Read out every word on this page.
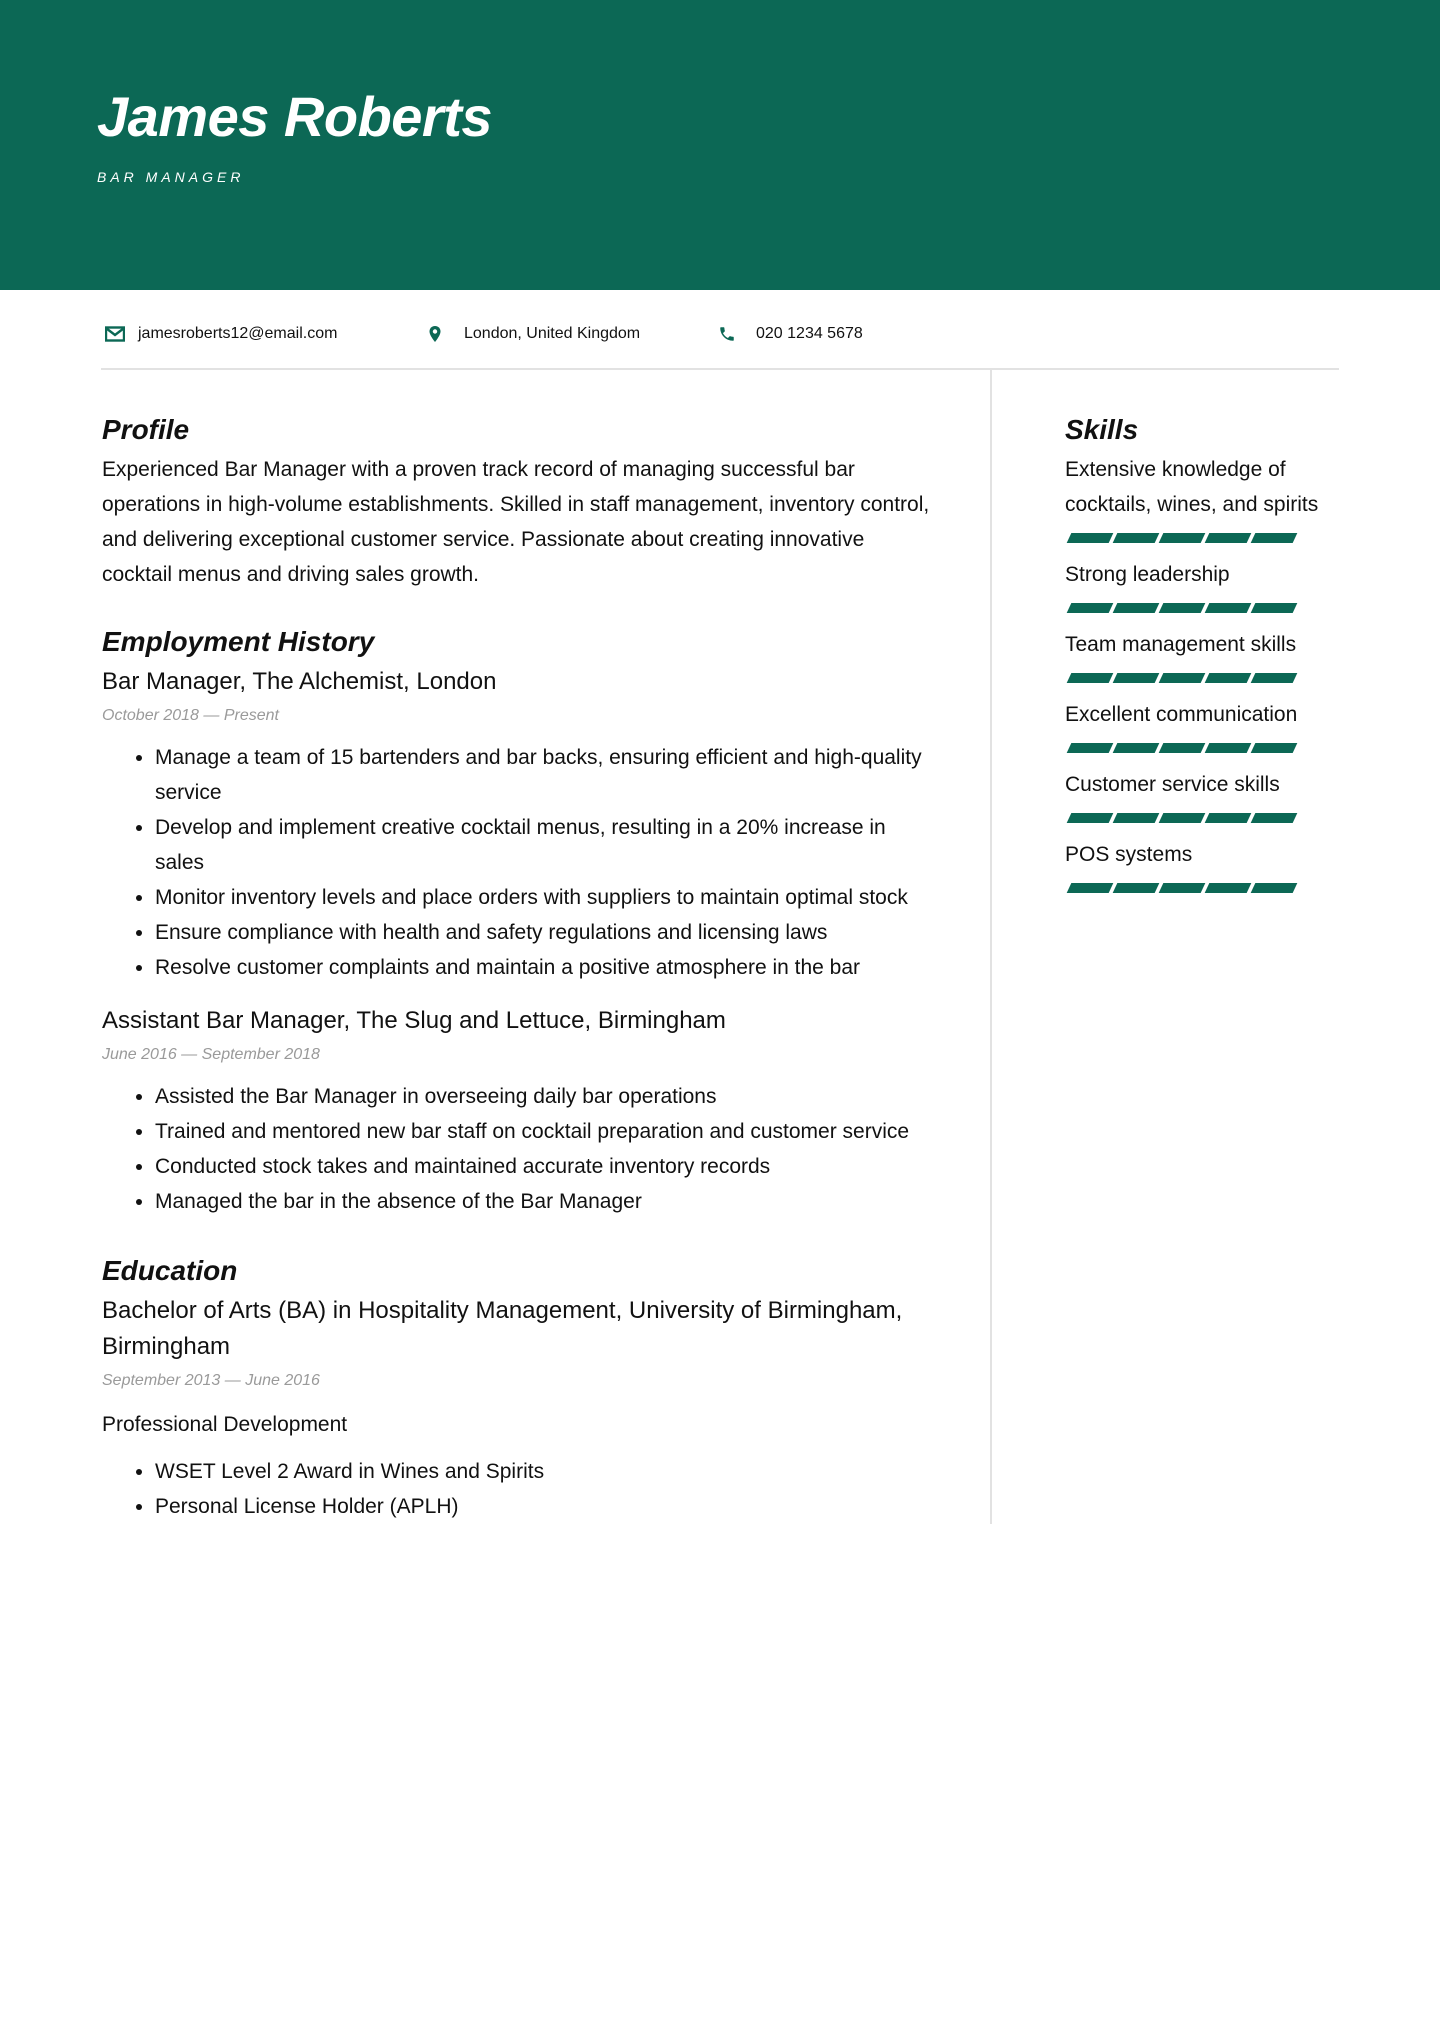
James Roberts
BAR MANAGER
jamesroberts12@email.com	London, United Kingdom	020 1234 5678
Profile

Experienced Bar Manager with a proven track record of managing successful bar operations in high-volume establishments. Skilled in staff management, inventory control, and delivering exceptional customer service. Passionate about creating innovative cocktail menus and driving sales growth.

Employment History
Bar Manager, The Alchemist, London
October 2018 — Present
• Manage a team of 15 bartenders and bar backs, ensuring efficient and high-quality service
• Develop and implement creative cocktail menus, resulting in a 20% increase in sales
• Monitor inventory levels and place orders with suppliers to maintain optimal stock
• Ensure compliance with health and safety regulations and licensing laws
• Resolve customer complaints and maintain a positive atmosphere in the bar
Assistant Bar Manager, The Slug and Lettuce, Birmingham
June 2016 — September 2018
• Assisted the Bar Manager in overseeing daily bar operations
• Trained and mentored new bar staff on cocktail preparation and customer service
• Conducted stock takes and maintained accurate inventory records
• Managed the bar in the absence of the Bar Manager
Education
Bachelor of Arts (BA) in Hospitality Management, University of Birmingham, Birmingham
September 2013 — June 2016
Professional Development
• WSET Level 2 Award in Wines and Spirits
• Personal License Holder (APLH)
Skills
Extensive knowledge of cocktails, wines, and spirits
Strong leadership
Team management skills
Excellent communication
Customer service skills
POS systems
